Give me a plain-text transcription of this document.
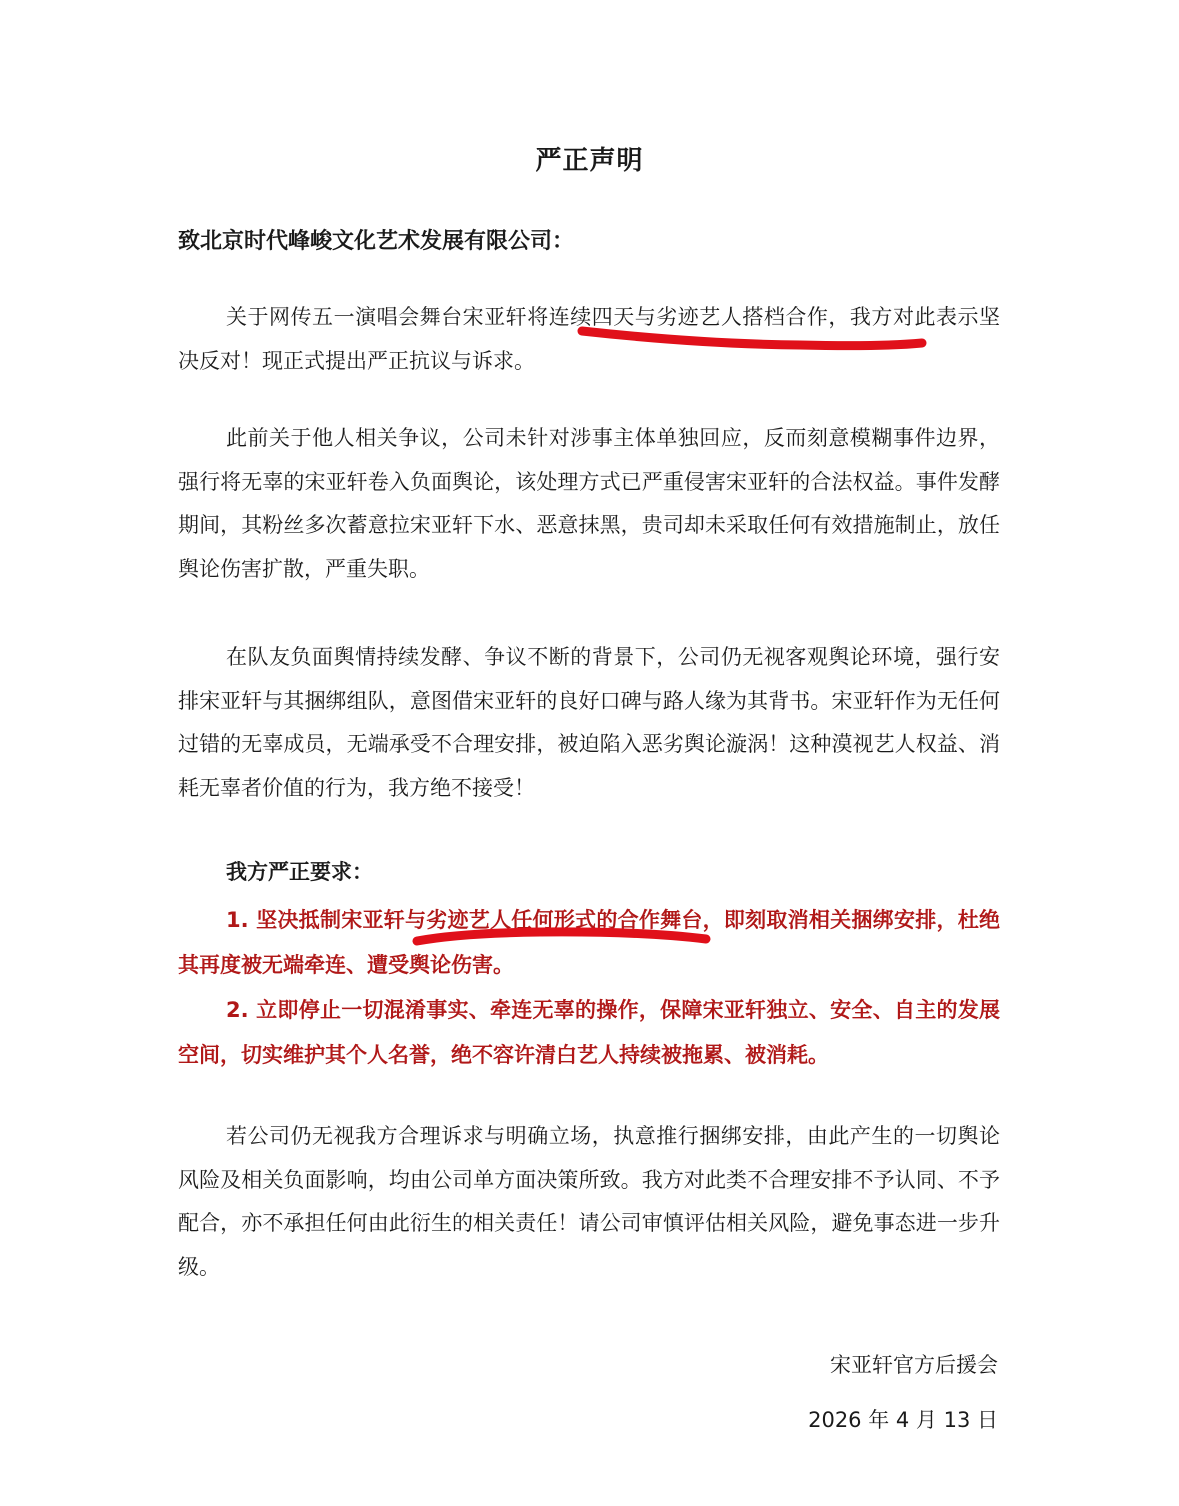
严正声明
致北京时代峰峻文化艺术发展有限公司：

关于网传五一演唱会舞台宋亚轩将连续四天与劣迹艺人搭档合作，我方对此表示坚决反对！现正式提出严正抗议与诉求。

此前关于他人相关争议，公司未针对涉事主体单独回应，反而刻意模糊事件边界，强行将无辜的宋亚轩卷入负面舆论，该处理方式已严重侵害宋亚轩的合法权益。事件发酵期间，其粉丝多次蓄意拉宋亚轩下水、恶意抹黑，贵司却未采取任何有效措施制止，放任舆论伤害扩散，严重失职。

在队友负面舆情持续发酵、争议不断的背景下，公司仍无视客观舆论环境，强行安排宋亚轩与其捆绑组队，意图借宋亚轩的良好口碑与路人缘为其背书。宋亚轩作为无任何过错的无辜成员，无端承受不合理安排，被迫陷入恶劣舆论漩涡！这种漠视艺人权益、消耗无辜者价值的行为，我方绝不接受！

我方严正要求：

1. 坚决抵制宋亚轩与劣迹艺人任何形式的合作舞台，即刻取消相关捆绑安排，杜绝其再度被无端牵连、遭受舆论伤害。

2. 立即停止一切混淆事实、牵连无辜的操作，保障宋亚轩独立、安全、自主的发展空间，切实维护其个人名誉，绝不容许清白艺人持续被拖累、被消耗。

若公司仍无视我方合理诉求与明确立场，执意推行捆绑安排，由此产生的一切舆论风险及相关负面影响，均由公司单方面决策所致。我方对此类不合理安排不予认同、不予配合，亦不承担任何由此衍生的相关责任！请公司审慎评估相关风险，避免事态进一步升级。

宋亚轩官方后援会
2026 年 4 月 13 日
